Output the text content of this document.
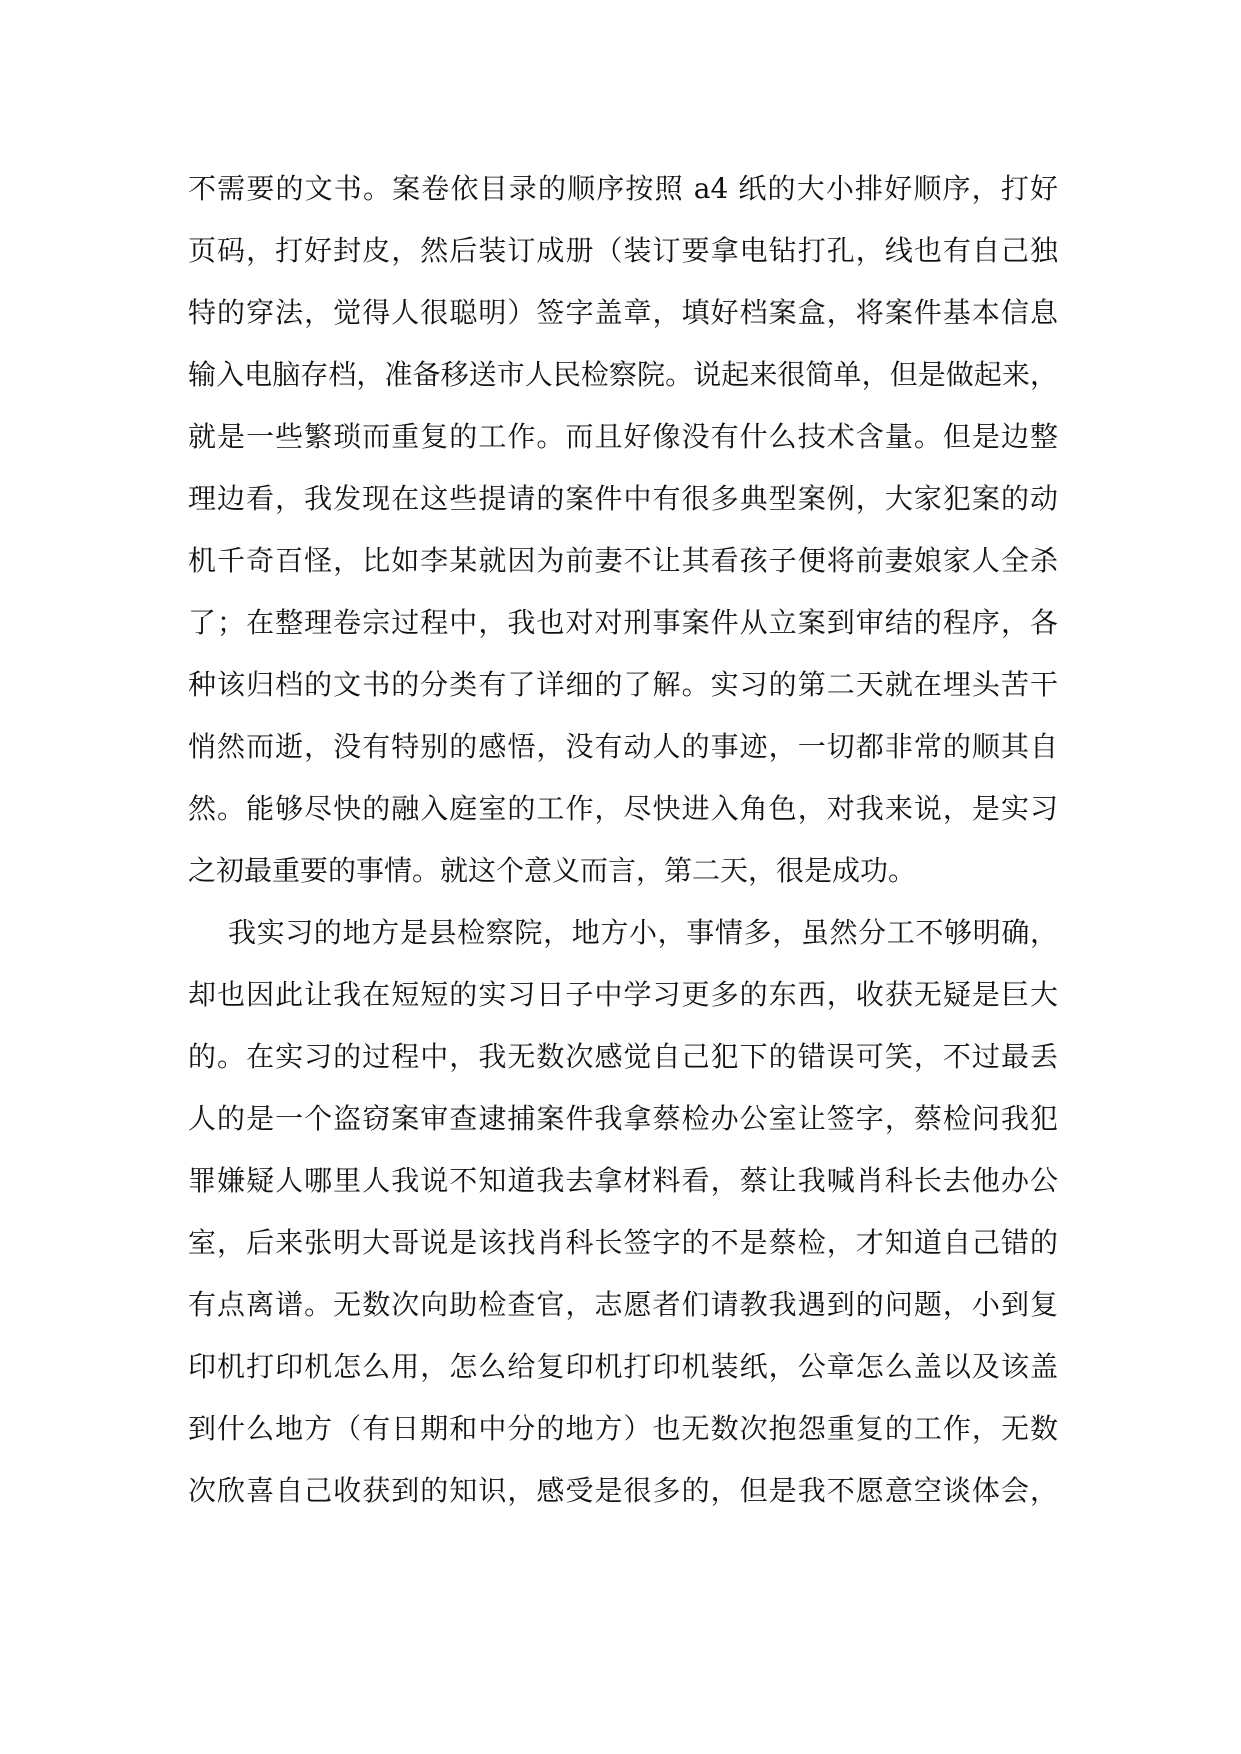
不需要的文书。案卷依目录的顺序按照 a4 纸的大小排好顺序，打好
页码，打好封皮，然后装订成册（装订要拿电钻打孔，线也有自己独
特的穿法，觉得人很聪明）签字盖章，填好档案盒，将案件基本信息
输入电脑存档，准备移送市人民检察院。说起来很简单，但是做起来，
就是一些繁琐而重复的工作。而且好像没有什么技术含量。但是边整
理边看，我发现在这些提请的案件中有很多典型案例，大家犯案的动
机千奇百怪，比如李某就因为前妻不让其看孩子便将前妻娘家人全杀
了；在整理卷宗过程中，我也对对刑事案件从立案到审结的程序，各
种该归档的文书的分类有了详细的了解。实习的第二天就在埋头苦干
悄然而逝，没有特别的感悟，没有动人的事迹，一切都非常的顺其自
然。能够尽快的融入庭室的工作，尽快进入角色，对我来说，是实习
之初最重要的事情。就这个意义而言，第二天，很是成功。
我实习的地方是县检察院，地方小，事情多，虽然分工不够明确，
却也因此让我在短短的实习日子中学习更多的东西，收获无疑是巨大
的。在实习的过程中，我无数次感觉自己犯下的错误可笑，不过最丢
人的是一个盗窃案审查逮捕案件我拿蔡检办公室让签字，蔡检问我犯
罪嫌疑人哪里人我说不知道我去拿材料看，蔡让我喊肖科长去他办公
室，后来张明大哥说是该找肖科长签字的不是蔡检，才知道自己错的
有点离谱。无数次向助检查官，志愿者们请教我遇到的问题，小到复
印机打印机怎么用，怎么给复印机打印机装纸，公章怎么盖以及该盖
到什么地方（有日期和中分的地方）也无数次抱怨重复的工作，无数
次欣喜自己收获到的知识，感受是很多的，但是我不愿意空谈体会，
